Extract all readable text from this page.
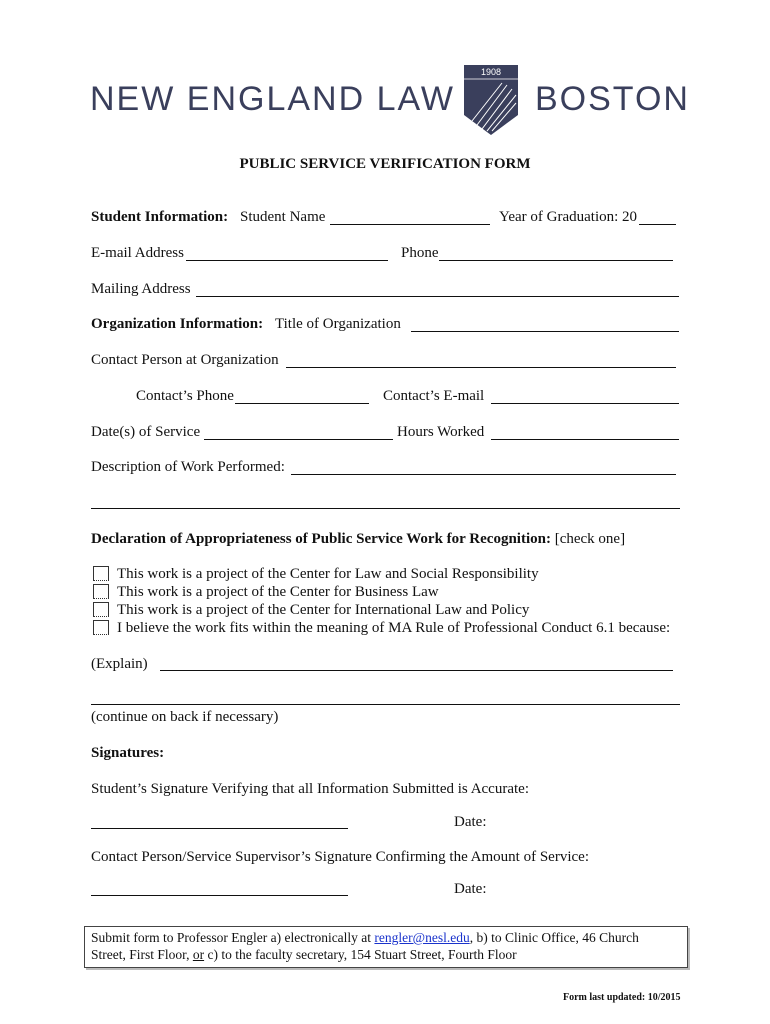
NEW ENGLAND LAW
1908
BOSTON
PUBLIC SERVICE VERIFICATION FORM
Student Information: Student Name	Year of Graduation: 20
E-mail Address	Phone
Mailing Address
Organization Information: Title of Organization
Contact Person at Organization
Contact’s Phone	Contact’s E-mail
Date(s) of Service	Hours Worked
Description of Work Performed:
Declaration of Appropriateness of Public Service Work for Recognition: [check one]
This work is a project of the Center for Law and Social Responsibility
This work is a project of the Center for Business Law
This work is a project of the Center for International Law and Policy
I believe the work fits within the meaning of MA Rule of Professional Conduct 6.1 because:
(Explain)
(continue on back if necessary)
Signatures:
Student’s Signature Verifying that all Information Submitted is Accurate:
Date:
Contact Person/Service Supervisor’s Signature Confirming the Amount of Service:
Date:
Submit form to Professor Engler a) electronically at rengler@nesl.edu, b) to Clinic Office, 46 Church
Street, First Floor, or c) to the faculty secretary, 154 Stuart Street, Fourth Floor
Form last updated: 10/2015
